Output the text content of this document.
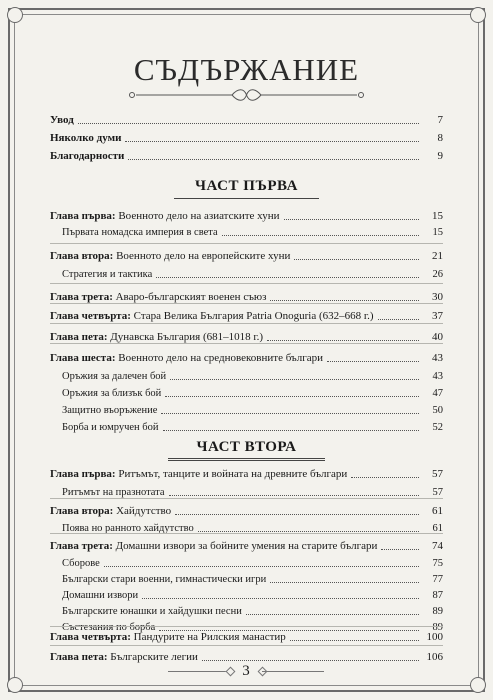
СЪДЪРЖАНИЕ
Увод	7
Няколко думи	8
Благодарности	9
ЧАСТ ПЪРВА
Глава първа: Военното дело на азиатските хуни	15
Първата номадска империя в света	15
Глава втора: Военното дело на европейските хуни	21
Стратегия и тактика	26
Глава трета: Аваро-българският военен съюз	30
Глава четвърта: Стара Велика България Patria Onoguria (632–668 г.)	37
Глава пета: Дунавска България (681–1018 г.)	40
Глава шеста: Военното дело на средновековните българи	43
Оръжия за далечен бой	43
Оръжия за близък бой	47
Защитно въоръжение	50
Борба и юмручен бой	52
ЧАСТ ВТОРА
Глава първа: Ритъмът, танците и войната на древните българи	57
Ритъмът на празнотата	57
Глава втора: Хайдутство	61
Поява но ранното хайдутство	61
Глава трета: Домашни извори за бойните умения на старите българи	74
Сборове	75
Български стари военни, гимнастически игри	77
Домашни извори	87
Българските юнашки и хайдушки песни	89
Състезания по борба	89
Глава четвърта: Пандурите на Рилския манастир	100
Глава пета: Българските легии	106
3
